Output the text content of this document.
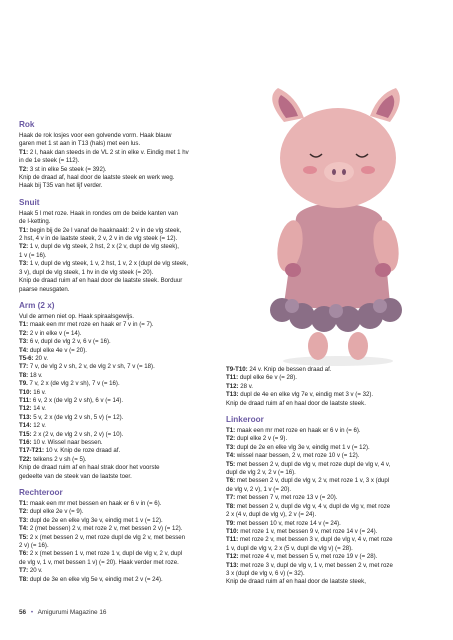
Rok

Haak de rok losjes voor een golvende vorm. Haak blauw

garen met 1 st aan in T13 (hals) met een lus.

T1: 2 l, haak dan steeds in de VL 2 st in elke v. Eindig met 1 hv

in de 1e steek (= 112).

T2: 3 st in elke 5e steek (= 392).

Knip de draad af, haal door de laatste steek en werk weg.

Haak bij T35 van het lijf verder.

Snuit

Haak 5 l met roze. Haak in rondes om de beide kanten van

de l-ketting.

T1: begin bij de 2e l vanaf de haaknaald: 2 v in de vlg steek,

2 hst, 4 v in de laatste steek, 2 v, 2 v in de vlg steek (= 12).

T2: 1 v, dupl de vlg steek, 2 hst, 2 x (2 v, dupl de vlg steek),

1 v (= 16).

T3: 1 v, dupl de vlg steek, 1 v, 2 hst, 1 v, 2 x (dupl de vlg steek,

3 v), dupl de vlg steek, 1 hv in de vlg steek (= 20).

Knip de draad ruim af en haal door de laatste steek. Borduur

paarse neusgaten.

Arm (2 x)

Vul de armen niet op. Haak spiraalsgewijs.

T1: maak een mr met roze en haak er 7 v in (= 7).

T2: 2 v in elke v (= 14).

T3: 6 v, dupl de vlg 2 v, 6 v (= 16).

T4: dupl elke 4e v (= 20).

T5-6: 20 v.

T7: 7 v, de vlg 2 v sh, 2 v, de vlg 2 v sh, 7 v (= 18).

T8: 18 v.

T9. 7 v, 2 x (de vlg 2 v sh), 7 v (= 16).

T10: 16 v.

T11: 6 v, 2 x (de vlg 2 v sh), 6 v (= 14).

T12: 14 v.

T13: 5 v, 2 x (de vlg 2 v sh, 5 v) (= 12).

T14: 12 v.

T15: 2 x (2 v, de vlg 2 v sh, 2 v) (= 10).

T16: 10 v. Wissel naar bessen.

T17-T21: 10 v. Knip de roze draad af.

T22: telkens 2 v sh (= 5).

Knip de draad ruim af en haal strak door het voorste

gedeelte van de steek van de laatste toer.

Rechteroor

T1: maak een mr met bessen en haak er 6 v in (= 6).

T2: dupl elke 2e v (= 9).

T3: dupl de 2e en elke vlg 3e v, eindig met 1 v (= 12).

T4: 2 (met bessen) 2 v, met roze 2 v, met bessen 2 v) (= 12).

T5: 2 x (met bessen 2 v, met roze dupl de vlg 2 v, met bessen

2 v) (= 16).

T6: 2 x (met bessen 1 v, met roze 1 v, dupl de vlg v, 2 v, dupl

de vlg v, 1 v, met bessen 1 v) (= 20). Haak verder met roze.

T7: 20 v.

T8: dupl de 3e en elke vlg 5e v, eindig met 2 v (= 24).

T9-T10: 24 v. Knip de bessen draad af.

T11: dupl elke 6e v (= 28).

T12: 28 v.

T13: dupl de 4e en elke vlg 7e v, eindig met 3 v (= 32).

Knip de draad ruim af en haal door de laatste steek.

Linkeroor

T1: maak een mr met roze en haak er 6 v in (= 6).

T2: dupl elke 2 v (= 9).

T3: dupl de 2e en elke vlg 3e v, eindig met 1 v (= 12).

T4: wissel naar bessen, 2 v, met roze 10 v (= 12).

T5: met bessen 2 v, dupl de vlg v, met roze dupl de vlg v, 4 v,

dupl de vlg 2 v, 2 v (= 16).

T6: met bessen 2 v, dupl de vlg v, 2 v, met roze 1 v, 3 x (dupl

de vlg v, 2 v), 1 v (= 20).

T7: met bessen 7 v, met roze 13 v (= 20).

T8: met bessen 2 v, dupl de vlg v, 4 v, dupl de vlg v, met roze

2 x (4 v, dupl de vlg v), 2 v (= 24).

T9: met bessen 10 v, met roze 14 v (= 24).

T10: met roze 1 v, met bessen 9 v, met roze 14 v (= 24).

T11: met roze 2 v, met bessen 3 v, dupl de vlg v, 4 v, met roze

1 v, dupl de vlg v, 2 x (5 v, dupl de vlg v) (= 28).

T12: met roze 4 v, met bessen 5 v, met roze 19 v (= 28).

T13: met roze 3 v, dupl de vlg v, 1 v, met bessen 2 v, met roze

3 x (dupl de vlg v, 6 v) (= 32).

Knip de draad ruim af en haal door de laatste steek,

56 • Amigurumi Magazine 16
